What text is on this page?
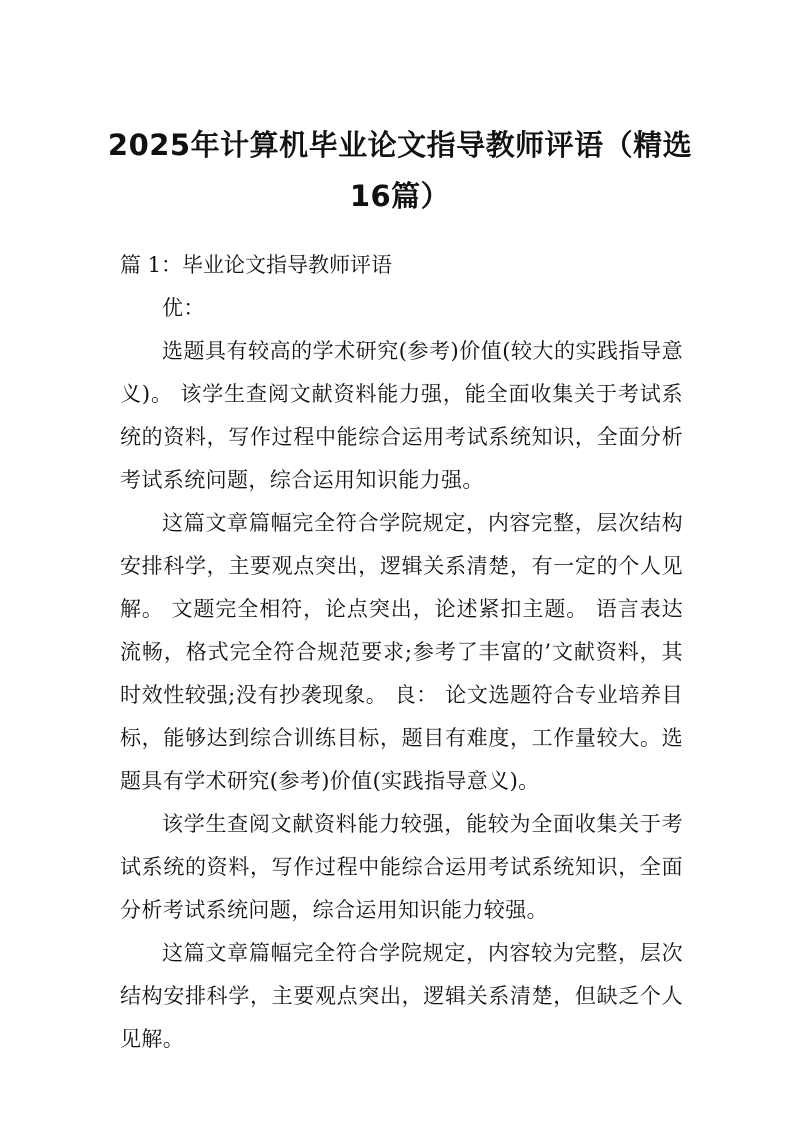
2025年计算机毕业论文指导教师评语（精选
16篇）

篇 1：毕业论文指导教师评语

优：

选题具有较高的学术研究(参考)价值(较大的实践指导意义)。 该学生查阅文献资料能力强，能全面收集关于考试系统的资料，写作过程中能综合运用考试系统知识，全面分析考试系统问题，综合运用知识能力强。

这篇文章篇幅完全符合学院规定，内容完整，层次结构安排科学，主要观点突出，逻辑关系清楚，有一定的个人见解。 文题完全相符，论点突出，论述紧扣主题。 语言表达流畅，格式完全符合规范要求;参考了丰富的’文献资料，其时效性较强;没有抄袭现象。 良： 论文选题符合专业培养目标，能够达到综合训练目标，题目有难度，工作量较大。选题具有学术研究(参考)价值(实践指导意义)。

该学生查阅文献资料能力较强，能较为全面收集关于考试系统的资料，写作过程中能综合运用考试系统知识，全面分析考试系统问题，综合运用知识能力较强。

这篇文章篇幅完全符合学院规定，内容较为完整，层次结构安排科学，主要观点突出，逻辑关系清楚，但缺乏个人见解。
